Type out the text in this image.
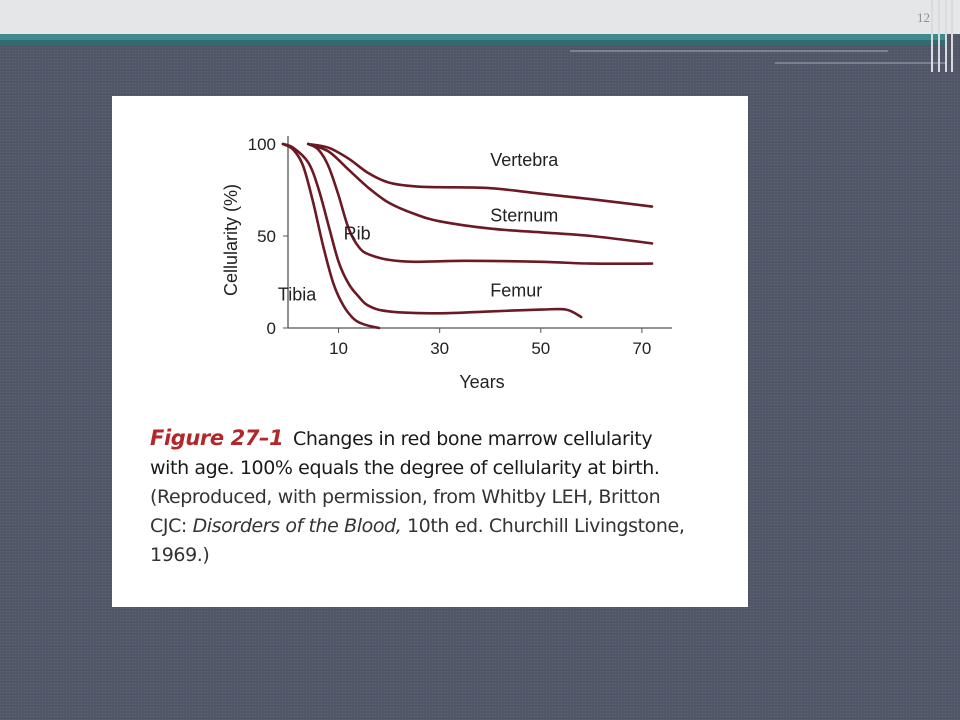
12
0
50
100
10	30	50	70
Years
Cellularity (%)
Vertebra
Sternum
Rib
Femur
Tibia
Figure 27–1 Changes in red bone marrow cellularity
with age. 100% equals the degree of cellularity at birth.
(Reproduced, with permission, from Whitby LEH, Britton
CJC: Disorders of the Blood, 10th ed. Churchill Livingstone,
1969.)
